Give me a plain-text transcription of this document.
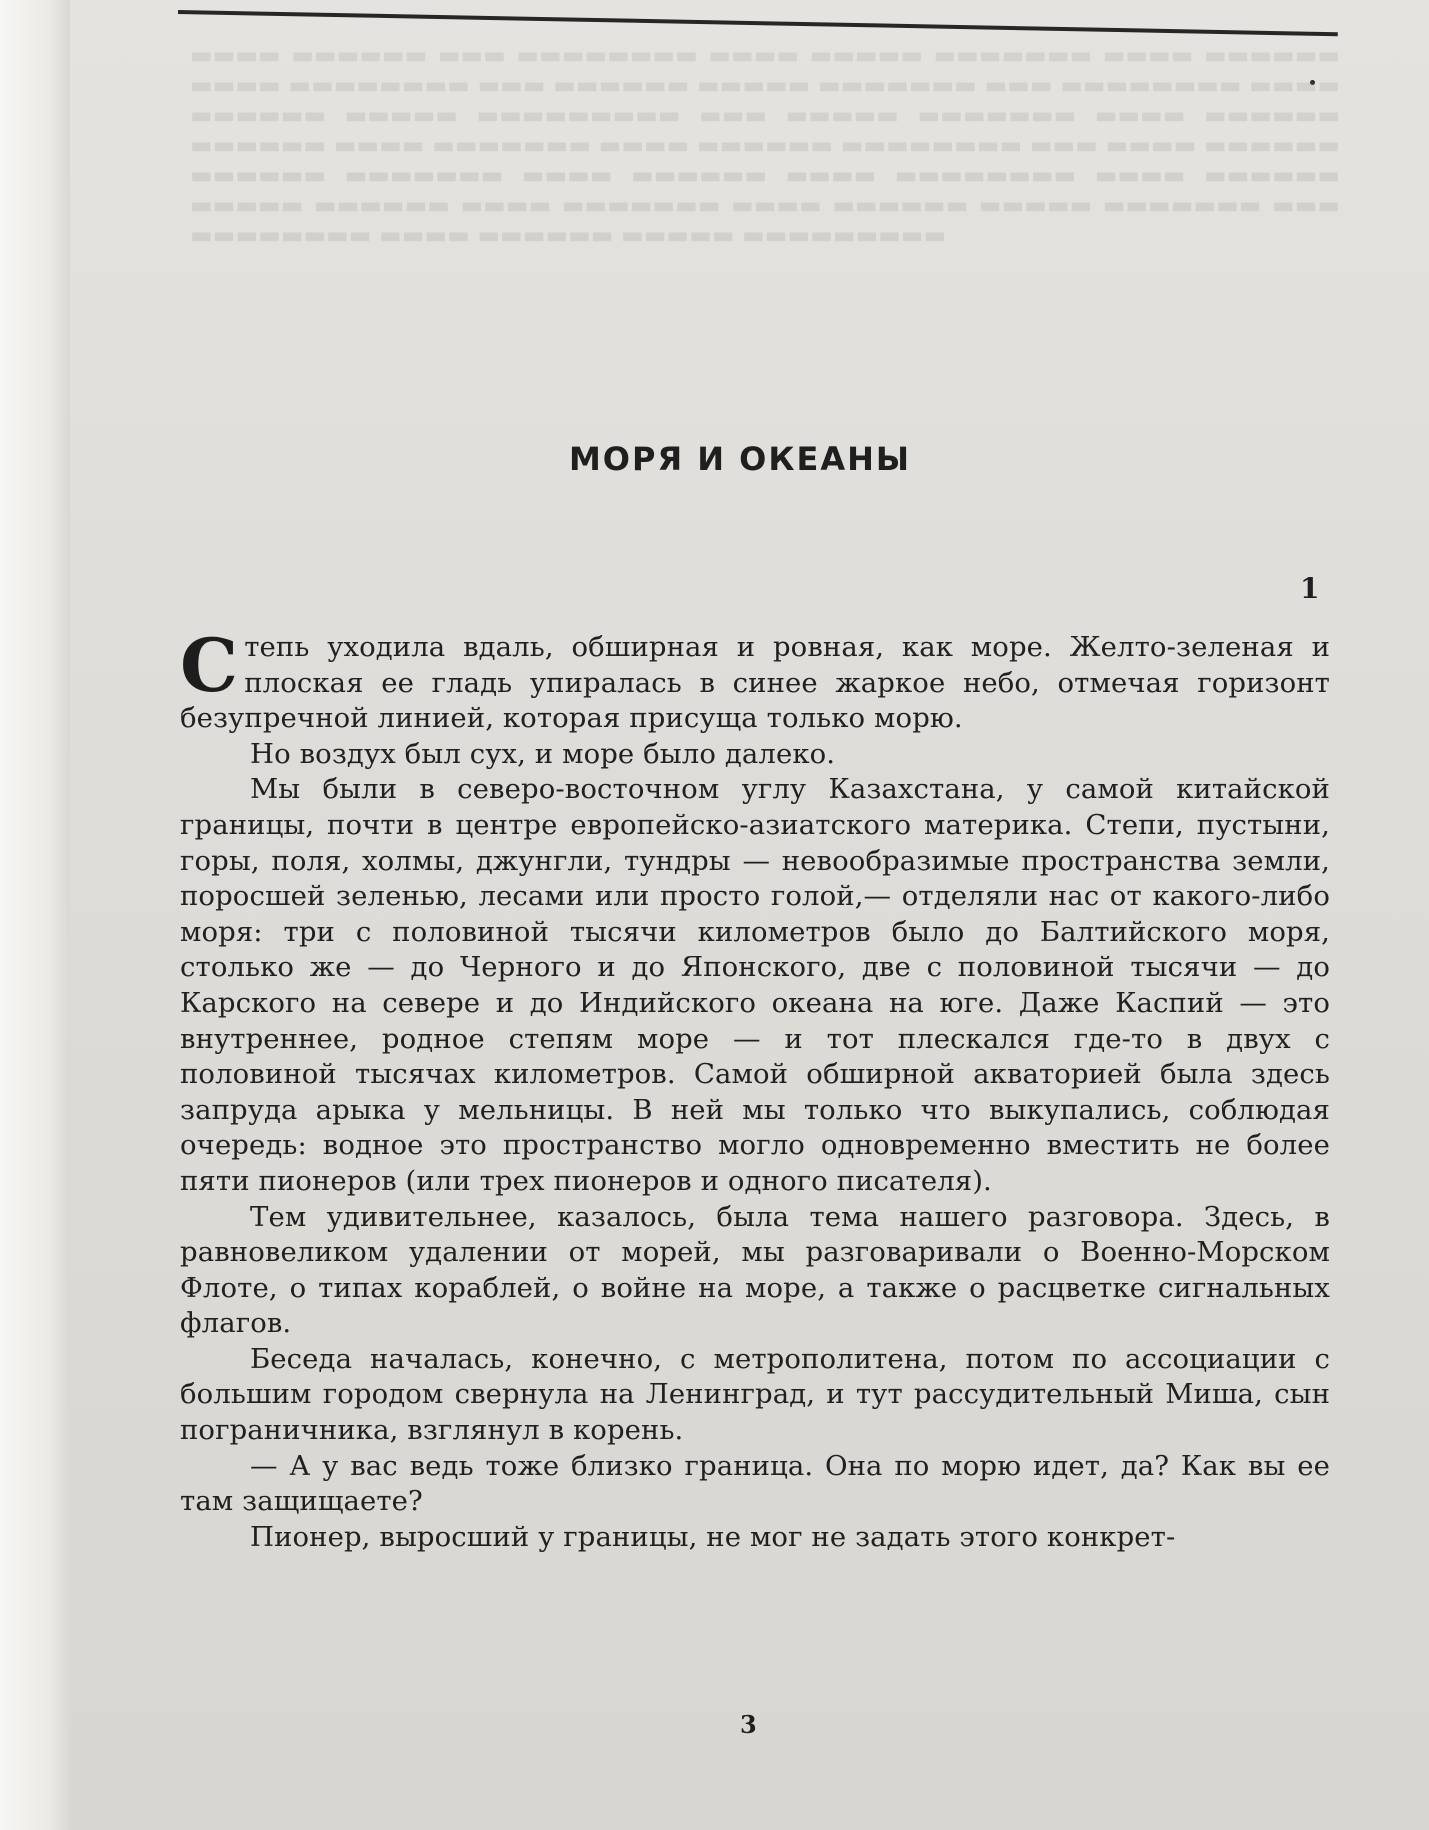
▬▬▬▬ ▬▬▬▬▬▬ ▬▬▬ ▬▬▬▬▬▬▬▬ ▬▬▬▬ ▬▬▬▬▬ ▬▬▬▬▬▬▬ ▬▬▬▬ ▬▬▬▬▬▬ ▬▬▬▬ ▬▬▬▬▬▬▬▬ ▬▬▬ ▬▬▬▬▬▬ ▬▬▬▬▬ ▬▬▬▬▬▬▬ ▬▬▬ ▬▬▬▬▬▬▬▬ ▬▬▬▬ ▬▬▬▬▬▬ ▬▬▬▬▬ ▬▬▬▬▬▬▬▬▬ ▬▬▬ ▬▬▬▬▬ ▬▬▬▬▬▬▬ ▬▬▬▬ ▬▬▬▬▬▬ ▬▬▬▬▬▬ ▬▬▬▬ ▬▬▬▬▬▬▬ ▬▬▬▬ ▬▬▬▬▬▬ ▬▬▬▬▬▬▬▬ ▬▬▬ ▬▬▬▬ ▬▬▬▬▬▬ ▬▬▬▬▬▬ ▬▬▬▬▬▬▬ ▬▬▬▬ ▬▬▬▬▬▬ ▬▬▬▬ ▬▬▬▬▬▬▬▬ ▬▬▬▬ ▬▬▬▬▬▬ ▬▬▬▬▬ ▬▬▬▬▬▬ ▬▬▬▬ ▬▬▬▬▬▬▬ ▬▬▬▬ ▬▬▬▬▬▬ ▬▬▬▬▬ ▬▬▬▬▬▬▬ ▬▬▬ ▬▬▬▬▬▬▬▬ ▬▬▬▬ ▬▬▬▬▬▬ ▬▬▬▬▬ ▬▬▬▬▬▬▬▬▬
МОРЯ И ОКЕАНЫ
1

Степь уходила вдаль, обширная и ровная, как море. Желто-зеленая и плоская ее гладь упиралась в синее жаркое небо, отмечая горизонт безупречной линией, которая присуща только морю.

Но воздух был сух, и море было далеко.

Мы были в северо-восточном углу Казахстана, у самой китайской границы, почти в центре европейско-азиатского материка. Степи, пустыни, горы, поля, холмы, джунгли, тундры — невообразимые пространства земли, поросшей зеленью, лесами или просто голой,— отделяли нас от какого-либо моря: три с половиной тысячи километров было до Балтийского моря, столько же — до Черного и до Японского, две с половиной тысячи — до Карского на севере и до Индийского океана на юге. Даже Каспий — это внутреннее, родное степям море — и тот плескался где-то в двух с половиной тысячах километров. Самой обширной акваторией была здесь запруда арыка у мельницы. В ней мы только что выкупались, соблюдая очередь: водное это пространство могло одновременно вместить не более пяти пионеров (или трех пионеров и одного писателя).

Тем удивительнее, казалось, была тема нашего разговора. Здесь, в равновеликом удалении от морей, мы разговаривали о Военно-Морском Флоте, о типах кораблей, о войне на море, а также о расцветке сигнальных флагов.

Беседа началась, конечно, с метрополитена, потом по ассоциации с большим городом свернула на Ленинград, и тут рассудительный Миша, сын пограничника, взглянул в корень.

— А у вас ведь тоже близко граница. Она по морю идет, да? Как вы ее там защищаете?

Пионер, выросший у границы, не мог не задать этого конкрет-

3
